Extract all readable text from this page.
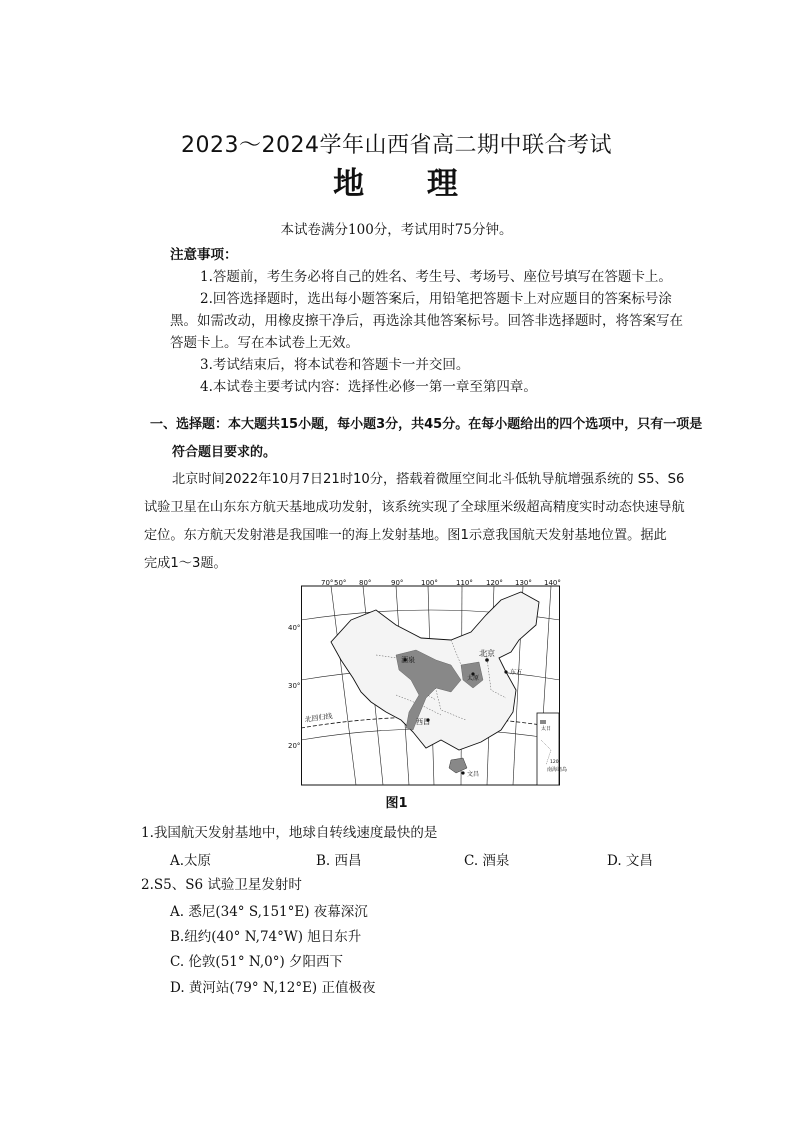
2023～2024学年山西省高二期中联合考试
地 理
本试卷满分100分，考试用时75分钟。
注意事项：
1.答题前，考生务必将自己的姓名、考生号、考场号、座位号填写在答题卡上。
2.回答选择题时，选出每小题答案后，用铅笔把答题卡上对应题目的答案标号涂
黑。如需改动，用橡皮擦干净后，再选涂其他答案标号。回答非选择题时，将答案写在
答题卡上。写在本试卷上无效。
3.考试结束后，将本试卷和答题卡一并交回。
4.本试卷主要考试内容：选择性必修一第一章至第四章。
一、选择题：本大题共15小题，每小题3分，共45分。在每小题给出的四个选项中，只有一项是
符合题目要求的。
北京时间2022年10月7日21时10分，搭载着微厘空间北斗低轨导航增强系统的 S5、S6
试验卫星在山东东方航天基地成功发射，该系统实现了全球厘米级超高精度实时动态快速导航
定位。东方航天发射港是我国唯一的海上发射基地。图1示意我国航天发射基地位置。据此
完成1～3题。
70° 50° 80°	90°	100°	110° 120° 130° 140°
40°
30°
20°
北回归线
酒泉
北京
太原
东方
西昌
文昌
太日
120
南海诸岛
图1
1.我国航天发射基地中，地球自转线速度最快的是
A.太原	B. 西昌	C. 酒泉	D. 文昌
2.S5、S6 试验卫星发射时
A. 悉尼(34° S,151°E) 夜幕深沉
B.纽约(40° N,74°W) 旭日东升
C. 伦敦(51° N,0°) 夕阳西下
D. 黄河站(79° N,12°E) 正值极夜
